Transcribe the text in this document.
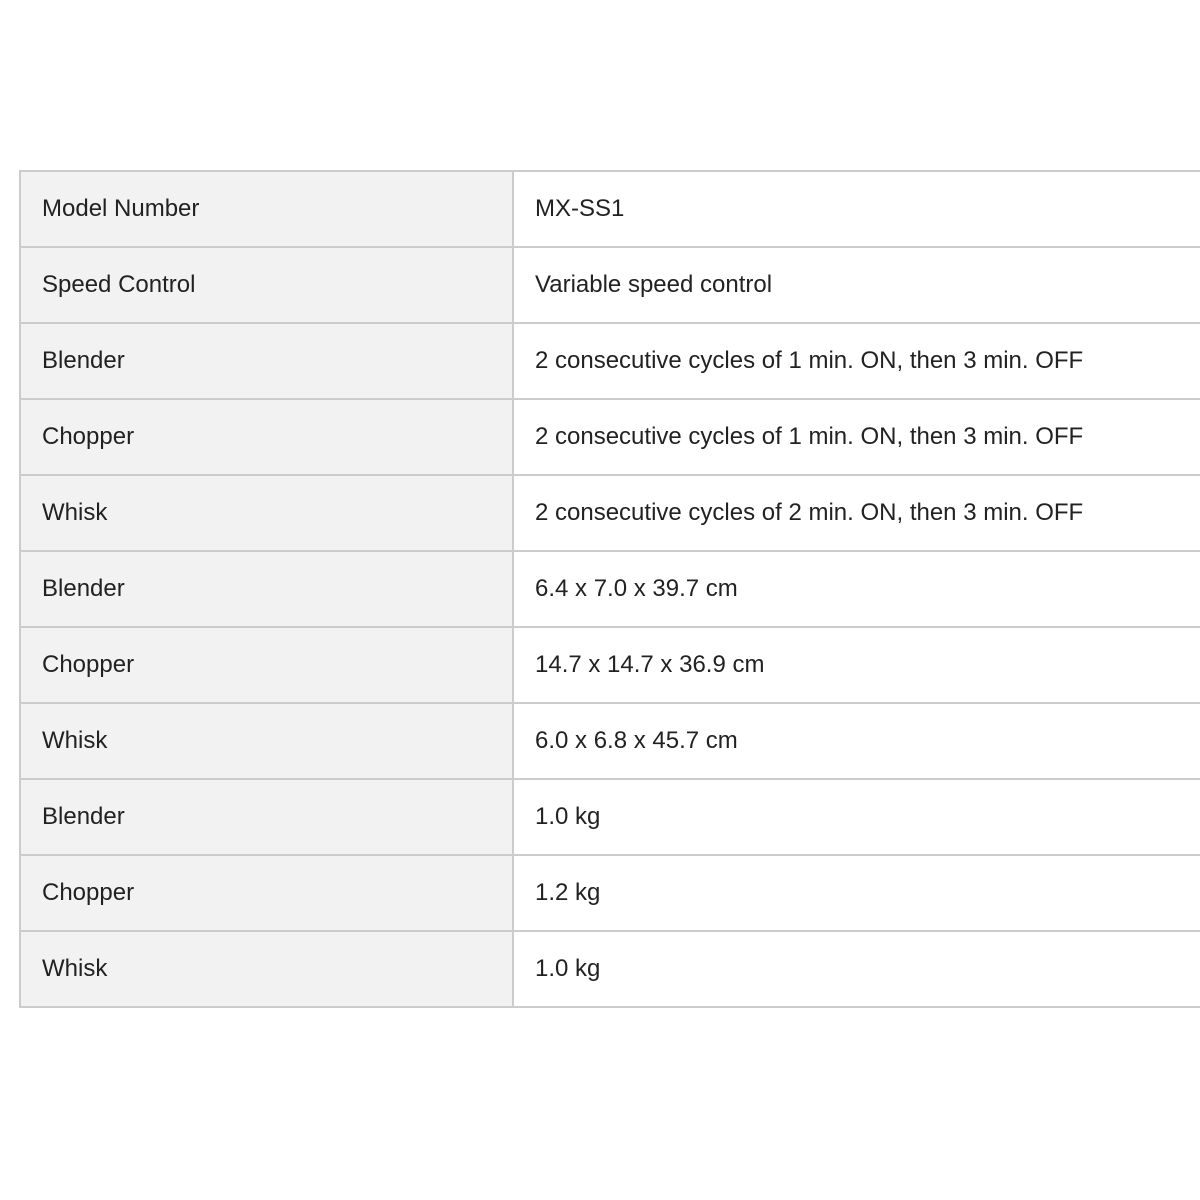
Model Number	MX-SS1
Speed Control	Variable speed control
Blender	2 consecutive cycles of 1 min. ON, then 3 min. OFF
Chopper	2 consecutive cycles of 1 min. ON, then 3 min. OFF
Whisk	2 consecutive cycles of 2 min. ON, then 3 min. OFF
Blender	6.4 x 7.0 x 39.7 cm
Chopper	14.7 x 14.7 x 36.9 cm
Whisk	6.0 x 6.8 x 45.7 cm
Blender	1.0 kg
Chopper	1.2 kg
Whisk	1.0 kg
